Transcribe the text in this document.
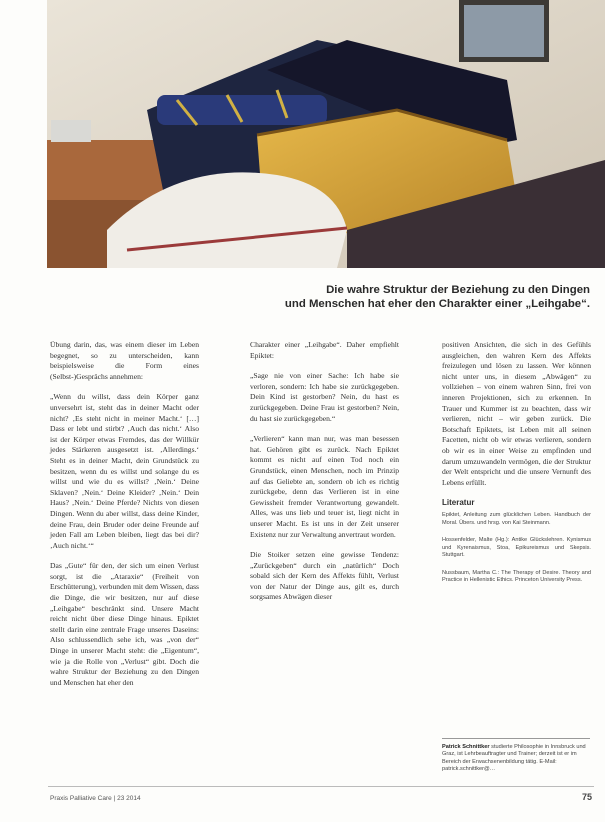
Die wahre Struktur der Beziehung zu den Dingen
und Menschen hat eher den Charakter einer „Leihgabe“.

Übung darin, das, was einem dieser im Leben begegnet, so zu unterscheiden, kann beispielsweise die Form eines (Selbst-)Gesprächs annehmen:

„Wenn du willst, dass dein Körper ganz unversehrt ist, steht das in deiner Macht oder nicht? ‚Es steht nicht in meiner Macht.‘ […] Dass er lebt und stirbt? ‚Auch das nicht.‘ Also ist der Körper etwas Fremdes, das der Willkür jedes Stärkeren ausgesetzt ist. ‚Allerdings.‘ Steht es in deiner Macht, dein Grundstück zu besitzen, wenn du es willst und solange du es willst und wie du es willst? ‚Nein.‘ Deine Sklaven? ‚Nein.‘ Deine Kleider? ‚Nein.‘ Dein Haus? ‚Nein.‘ Deine Pferde? Nichts von diesen Dingen. Wenn du aber willst, dass deine Kinder, deine Frau, dein Bruder oder deine Freunde auf jeden Fall am Leben bleiben, liegt das bei dir? ‚Auch nicht.‘“

Das „Gute“ für den, der sich um einen Verlust sorgt, ist die „Ataraxie“ (Freiheit von Erschütterung), verbunden mit dem Wissen, dass die Dinge, die wir besitzen, nur auf diese „Leihgabe“ beschränkt sind. Unsere Macht reicht nicht über diese Dinge hinaus. Epiktet stellt darin eine zentrale Frage unseres Daseins: Also schlussendlich sehe ich, was „von der“ Dinge in unserer Macht steht: die „Eigentum“, wie ja die Rolle von „Verlust“ gibt. Doch die wahre Struktur der Beziehung zu den Dingen und Menschen hat eher den

Charakter einer „Leihgabe“. Daher empfiehlt Epiktet:

„Sage nie von einer Sache: Ich habe sie verloren, sondern: Ich habe sie zurückgegeben. Dein Kind ist gestorben? Nein, du hast es zurückgegeben. Deine Frau ist gestorben? Nein, du hast sie zurückgegeben.“

„Verlieren“ kann man nur, was man besessen hat. Gehören gibt es zurück. Nach Epiktet kommt es nicht auf einen Tod noch ein Grundstück, einen Menschen, noch im Prinzip auf das Geliebte an, sondern ob ich es richtig zurückgebe, denn das Verlieren ist in eine Gewissheit fremder Verantwortung gewandelt. Alles, was uns lieb und teuer ist, liegt nicht in unserer Macht. Es ist uns in der Zeit unserer Existenz nur zur Verwaltung anvertraut worden.

Die Stoiker setzen eine gewisse Tendenz: „Zurückgeben“ durch ein „natürlich“ Doch sobald sich der Kern des Affekts fühlt, Verlust von der Natur der Dinge aus, gilt es, durch sorgsames Abwägen dieser

positiven Ansichten, die sich in des Gefühls ausgleichen, den wahren Kern des Affekts freizulegen und lösen zu lassen. Wer können nicht unter uns, in diesem „Abwägen“ zu vollziehen – von einem wahren Sinn, frei von inneren Projektionen, sich zu erkennen. In Trauer und Kummer ist zu beachten, dass wir verlieren, nicht – wir geben zurück. Die Botschaft Epiktets, ist Leben mit all seinen Facetten, nicht ob wir etwas verlieren, sondern ob wir es in einer Weise zu empfinden und darum umzuwandeln vermögen, die der Struktur der Welt entspricht und die unsere Vernunft des Lebens erfüllt.

Literatur

Epiktet, Anleitung zum glücklichen Leben. Handbuch der Moral. Übers. und hrsg. von Kai Steinmann.

Hossenfelder, Malte (Hg.): Antike Glückslehren. Kynismus und Kyrenaismus, Stoa, Epikureismus und Skepsis. Stuttgart.

Nussbaum, Martha C.: The Therapy of Desire. Theory and Practice in Hellenistic Ethics. Princeton University Press.

Patrick Schnittker studierte Philosophie in Innsbruck und Graz, ist Lehrbeauftragter und Trainer; derzeit ist er im Bereich der Erwachsenenbildung tätig. E-Mail: patrick.schnittker@…
Praxis Palliative Care | 23 2014	75
